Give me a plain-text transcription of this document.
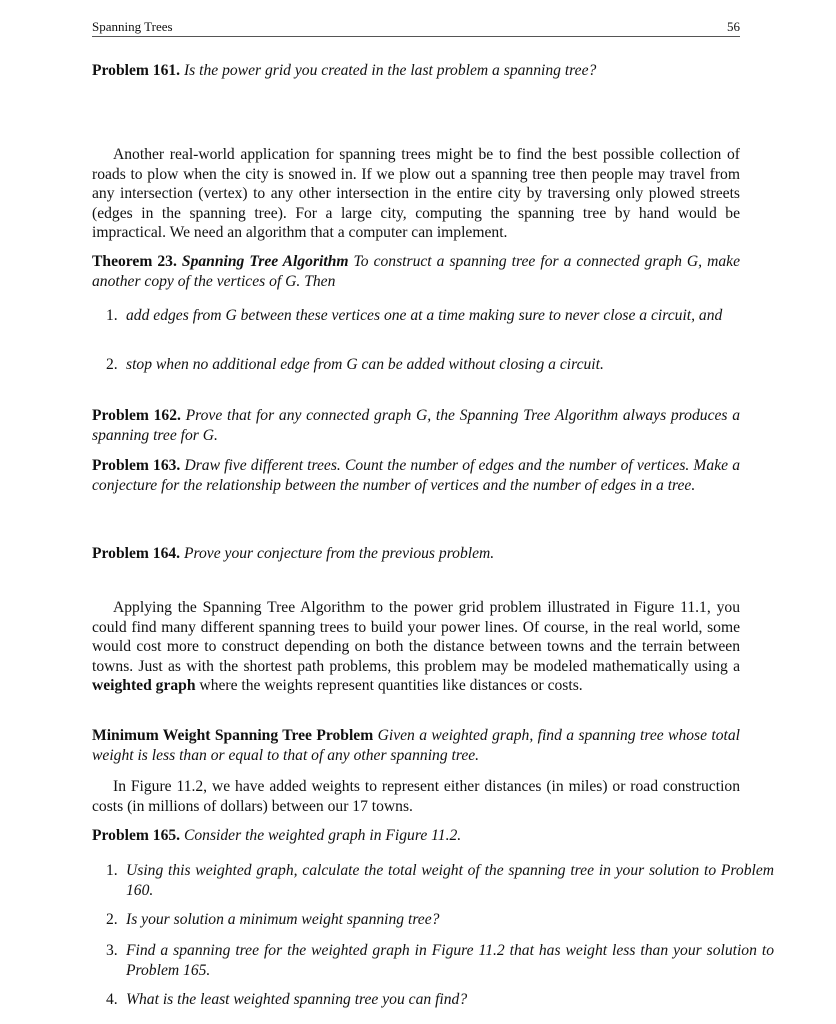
Spanning Trees	56

Problem 161. Is the power grid you created in the last problem a spanning tree?

Another real-world application for spanning trees might be to find the best possible collection of roads to plow when the city is snowed in. If we plow out a spanning tree then people may travel from any intersection (vertex) to any other intersection in the entire city by traversing only plowed streets (edges in the spanning tree). For a large city, computing the spanning tree by hand would be impractical. We need an algorithm that a computer can implement.

Theorem 23. Spanning Tree Algorithm To construct a spanning tree for a connected graph G, make another copy of the vertices of G. Then

1. add edges from G between these vertices one at a time making sure to never close a circuit, and

2. stop when no additional edge from G can be added without closing a circuit.

Problem 162. Prove that for any connected graph G, the Spanning Tree Algorithm always produces a spanning tree for G.

Problem 163. Draw five different trees. Count the number of edges and the number of vertices. Make a conjecture for the relationship between the number of vertices and the number of edges in a tree.

Problem 164. Prove your conjecture from the previous problem.

Applying the Spanning Tree Algorithm to the power grid problem illustrated in Figure 11.1, you could find many different spanning trees to build your power lines. Of course, in the real world, some would cost more to construct depending on both the distance between towns and the terrain between towns. Just as with the shortest path problems, this problem may be modeled mathematically using a weighted graph where the weights represent quantities like distances or costs.

Minimum Weight Spanning Tree Problem Given a weighted graph, find a spanning tree whose total weight is less than or equal to that of any other spanning tree.

In Figure 11.2, we have added weights to represent either distances (in miles) or road construction costs (in millions of dollars) between our 17 towns.

Problem 165. Consider the weighted graph in Figure 11.2.

1. Using this weighted graph, calculate the total weight of the spanning tree in your solution to Problem 160.

2. Is your solution a minimum weight spanning tree?

3. Find a spanning tree for the weighted graph in Figure 11.2 that has weight less than your solution to Problem 165.

4. What is the least weighted spanning tree you can find?
